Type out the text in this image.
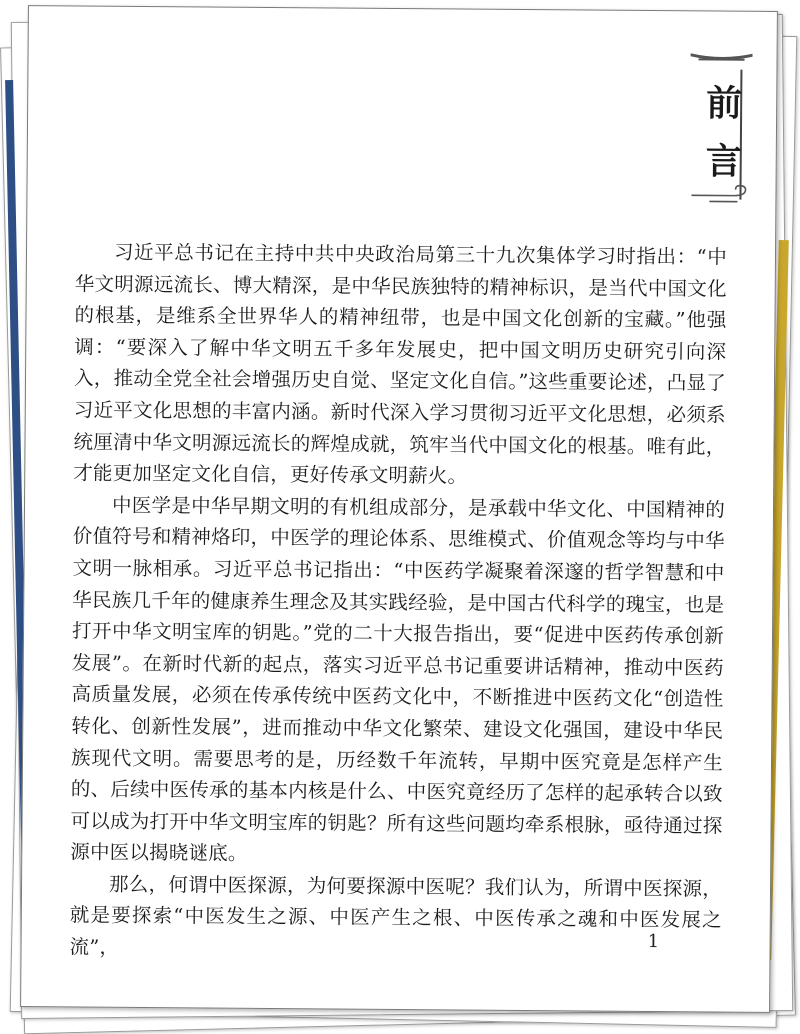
前
言

习近平总书记在主持中共中央政治局第三十九次集体学习时指出：“中华文明源远流长、博大精深，是中华民族独特的精神标识，是当代中国文化的根基，是维系全世界华人的精神纽带，也是中国文化创新的宝藏。”他强调：“要深入了解中华文明五千多年发展史，把中国文明历史研究引向深入，推动全党全社会增强历史自觉、坚定文化自信。”这些重要论述，凸显了习近平文化思想的丰富内涵。新时代深入学习贯彻习近平文化思想，必须系统厘清中华文明源远流长的辉煌成就，筑牢当代中国文化的根基。唯有此，才能更加坚定文化自信，更好传承文明薪火。

中医学是中华早期文明的有机组成部分，是承载中华文化、中国精神的价值符号和精神烙印，中医学的理论体系、思维模式、价值观念等均与中华文明一脉相承。习近平总书记指出：“中医药学凝聚着深邃的哲学智慧和中华民族几千年的健康养生理念及其实践经验，是中国古代科学的瑰宝，也是打开中华文明宝库的钥匙。”党的二十大报告指出，要“促进中医药传承创新发展”。在新时代新的起点，落实习近平总书记重要讲话精神，推动中医药高质量发展，必须在传承传统中医药文化中，不断推进中医药文化“创造性转化、创新性发展”，进而推动中华文化繁荣、建设文化强国，建设中华民族现代文明。需要思考的是，历经数千年流转，早期中医究竟是怎样产生的、后续中医传承的基本内核是什么、中医究竟经历了怎样的起承转合以致可以成为打开中华文明宝库的钥匙？所有这些问题均牵系根脉，亟待通过探源中医以揭晓谜底。

那么，何谓中医探源，为何要探源中医呢？我们认为，所谓中医探源，就是要探索“中医发生之源、中医产生之根、中医传承之魂和中医发展之流”，	1
